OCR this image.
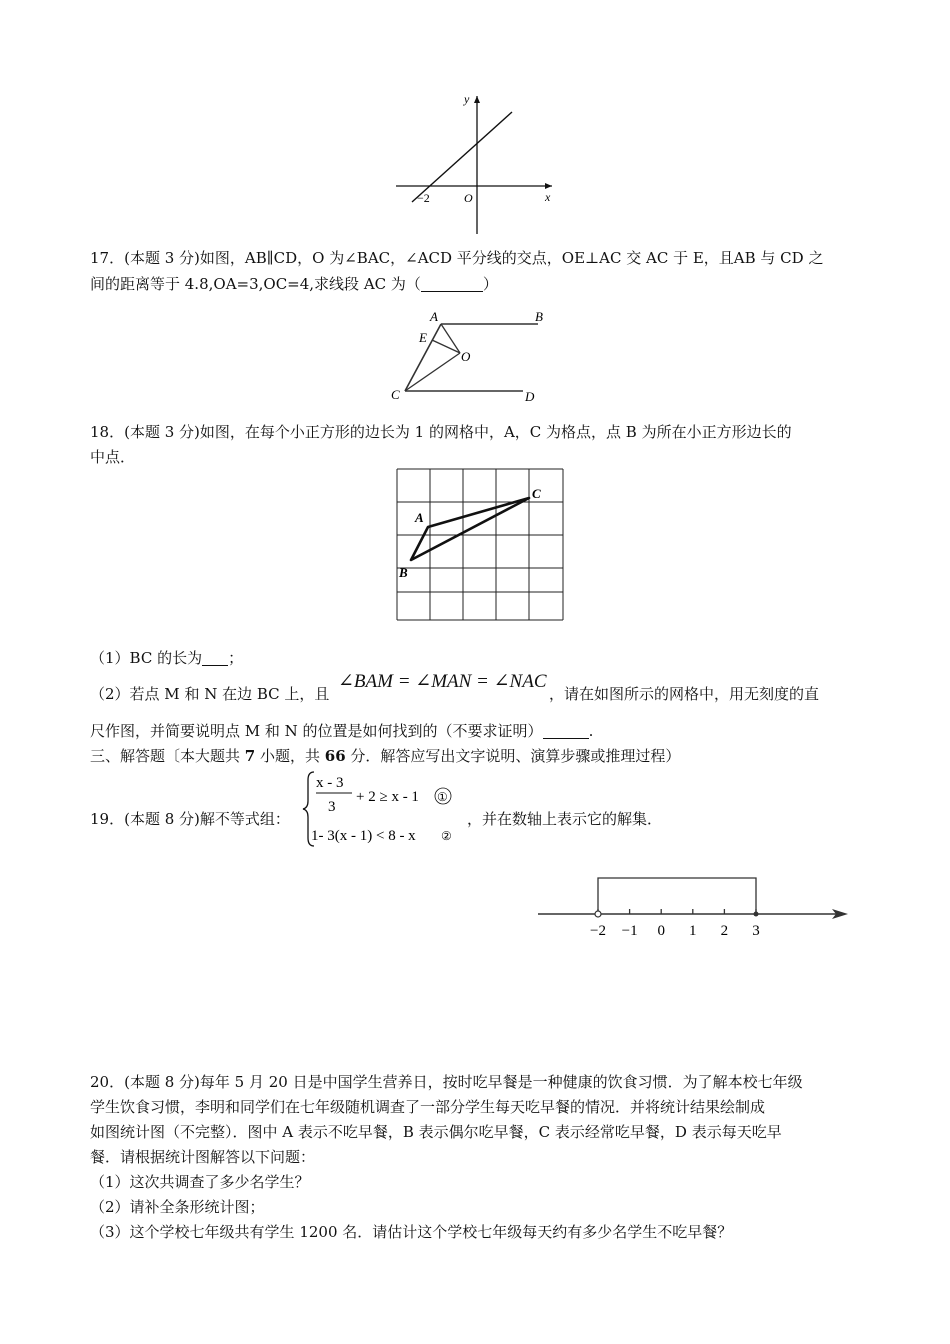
y
x
O
−2
17．(本题 3 分)如图，AB∥CD，O 为∠BAC，∠ACD 平分线的交点，OE⊥AC 交 AC 于 E，且AB 与 CD 之
间的距离等于 4.8,OA=3,OC=4,求线段 AC 为（	）
A	B
C	D
E
O
18．(本题 3 分)如图，在每个小正方形的边长为 1 的网格中，A，C 为格点，点 B 为所在小正方形边长的
中点．
A
B
C
（1）BC 的长为 ；
（2）若点 M 和 N 在边 BC 上，且
∠BAM = ∠MAN = ∠NAC
，请在如图所示的网格中，用无刻度的直
尺作图，并简要说明点 M 和 N 的位置是如何找到的（不要求证明）	.
三、解答题〔本大题共 7 小题，共 66 分．解答应写出文字说明、演算步骤或推理过程）
19．(本题 8 分)解不等式组：
x - 3
3
+ 2 ≥ x - 1 ①
1- 3(x - 1) < 8 - x ②
，并在数轴上表示它的解集．
−2 −1 0 1 2 3
20．(本题 8 分)每年 5 月 20 日是中国学生营养日，按时吃早餐是一种健康的饮食习惯．为了解本校七年级
学生饮食习惯，李明和同学们在七年级随机调查了一部分学生每天吃早餐的情况．并将统计结果绘制成
如图统计图（不完整）．图中 A 表示不吃早餐，B 表示偶尔吃早餐，C 表示经常吃早餐，D 表示每天吃早
餐．请根据统计图解答以下问题：
（1）这次共调查了多少名学生？
（2）请补全条形统计图；
（3）这个学校七年级共有学生 1200 名．请估计这个学校七年级每天约有多少名学生不吃早餐？
